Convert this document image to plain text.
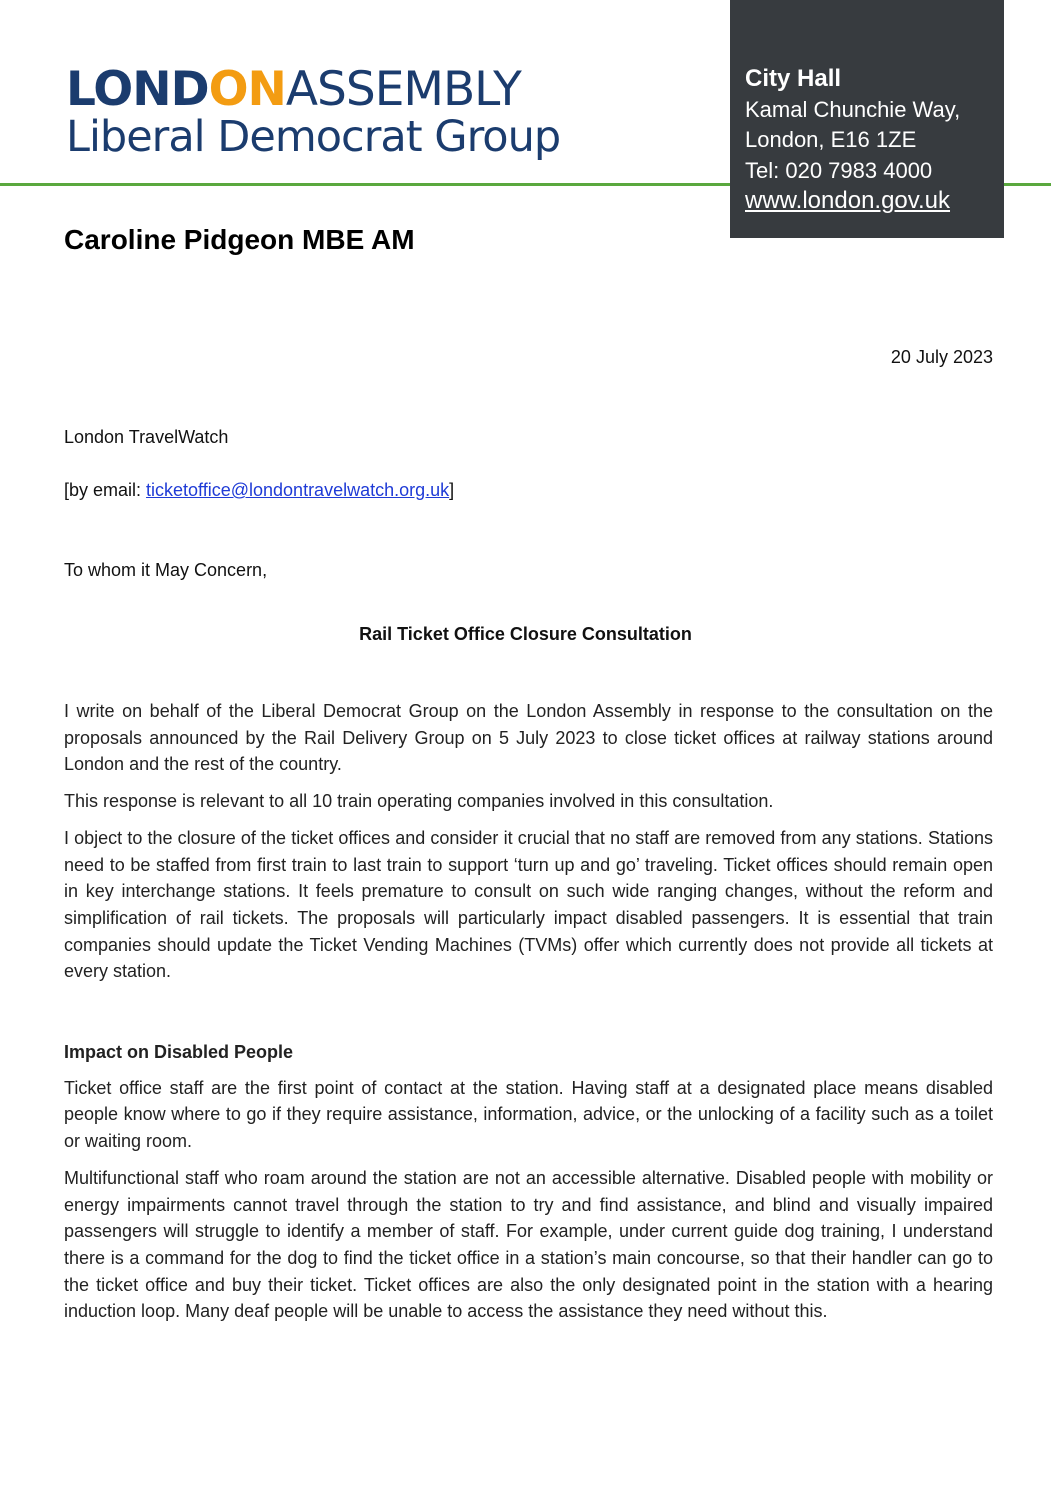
LONDONASSEMBLY
Liberal Democrat Group
City Hall
Kamal Chunchie Way,
London, E16 1ZE
Tel: 020 7983 4000
www.london.gov.uk
Caroline Pidgeon MBE AM
20 July 2023
London TravelWatch
[by email: ticketoffice@londontravelwatch.org.uk]
To whom it May Concern,
Rail Ticket Office Closure Consultation

I write on behalf of the Liberal Democrat Group on the London Assembly in response to the consultation on the proposals announced by the Rail Delivery Group on 5 July 2023 to close ticket offices at railway stations around London and the rest of the country.

This response is relevant to all 10 train operating companies involved in this consultation.

I object to the closure of the ticket offices and consider it crucial that no staff are removed from any stations. Stations need to be staffed from first train to last train to support ‘turn up and go’ traveling. Ticket offices should remain open in key interchange stations. It feels premature to consult on such wide ranging changes, without the reform and simplification of rail tickets. The proposals will particularly impact disabled passengers. It is essential that train companies should update the Ticket Vending Machines (TVMs) offer which currently does not provide all tickets at every station.

Impact on Disabled People

Ticket office staff are the first point of contact at the station. Having staff at a designated place means disabled people know where to go if they require assistance, information, advice, or the unlocking of a facility such as a toilet or waiting room.

Multifunctional staff who roam around the station are not an accessible alternative. Disabled people with mobility or energy impairments cannot travel through the station to try and find assistance, and blind and visually impaired passengers will struggle to identify a member of staff. For example, under current guide dog training, I understand there is a command for the dog to find the ticket office in a station’s main concourse, so that their handler can go to the ticket office and buy their ticket. Ticket offices are also the only designated point in the station with a hearing induction loop. Many deaf people will be unable to access the assistance they need without this.
